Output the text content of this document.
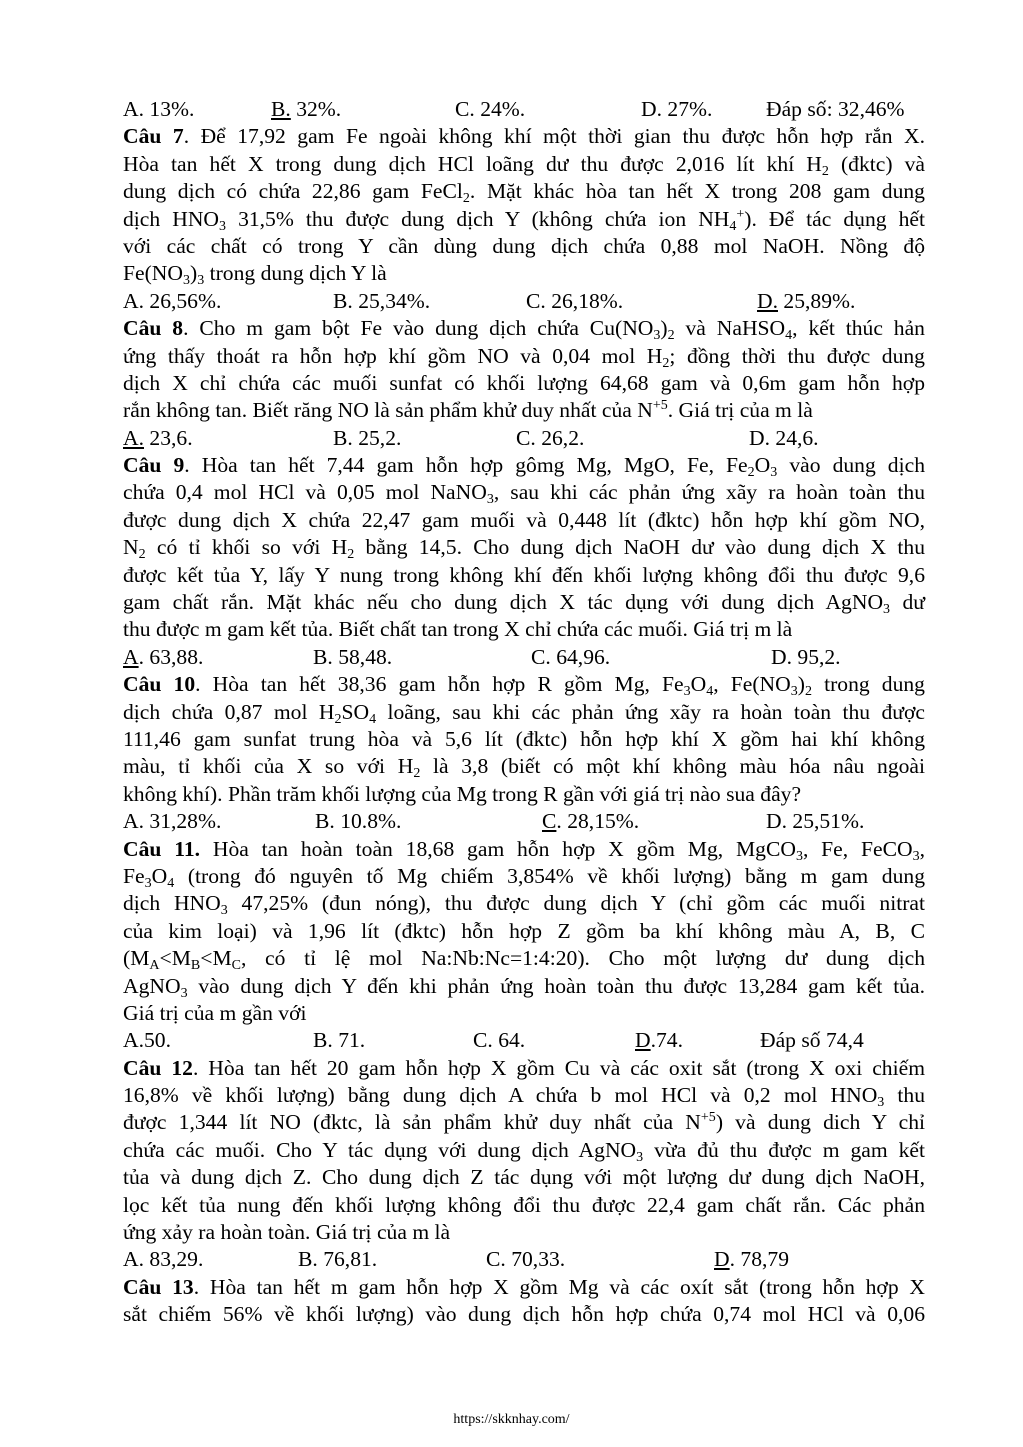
A. 13%.	B. 32%.	C. 24%.	D. 27%. Đáp số: 32,46%
Câu 7. Để 17,92 gam Fe ngoài không khí một thời gian thu được hỗn hợp rắn X.
Hòa tan hết X trong dung dịch HCl loãng dư thu được 2,016 lít khí $H_2$ (đktc) và
dung dịch có chứa 22,86 gam FeCl$_2$. Mặt khác hòa tan hết X trong 208 gam dung
dịch $HNO_3$ 31,5% thu được dung dịch Y (không chứa ion $NH_4^+$). Để tác dụng hết
với các chất có trong Y cần dùng dung dịch chứa 0,88 mol NaOH. Nồng độ
$Fe(NO_3)_3$ trong dung dịch Y là
A. 26,56%.	B. 25,34%.	C. 26,18%.	D. 25,89%.
Câu 8. Cho m gam bột Fe vào dung dịch chứa $Cu(NO_3)_2$ và NaHSO$_4$, kết thúc hản
ứng thấy thoát ra hỗn hợp khí gồm NO và 0,04 mol $H_2$; đồng thời thu được dung
dịch X chỉ chứa các muối sunfat có khối lượng 64,68 gam và 0,6m gam hỗn hợp
rắn không tan. Biết răng NO là sản phẩm khử duy nhất của $N^{+5}$. Giá trị của m là
A. 23,6.	B. 25,2.	C. 26,2.	D. 24,6.
Câu 9. Hòa tan hết 7,44 gam hỗn hợp gômg Mg, MgO, Fe, $Fe_2O_3$ vào dung dịch
chứa 0,4 mol HCl và 0,05 mol NaNO$_3$, sau khi các phản ứng xãy ra hoàn toàn thu
được dung dịch X chứa 22,47 gam muối và 0,448 lít (đktc) hỗn hợp khí gồm NO,
$N_2$ có tỉ khối so với $H_2$ bằng 14,5. Cho dung dịch NaOH dư vào dung dịch X thu
được kết tủa Y, lấy Y nung trong không khí đến khối lượng không đổi thu được 9,6
gam chất rắn. Mặt khác nếu cho dung dịch X tác dụng với dung dịch AgNO$_3$ dư
thu được m gam kết tủa. Biết chất tan trong X chỉ chứa các muối. Giá trị m là
A. 63,88.	B. 58,48.	C. 64,96.	D. 95,2.
Câu 10. Hòa tan hết 38,36 gam hỗn hợp R gồm Mg, $Fe_3O_4$, $Fe(NO_3)_2$ trong dung
dịch chứa 0,87 mol $H_2SO_4$ loãng, sau khi các phản ứng xãy ra hoàn toàn thu được
111,46 gam sunfat trung hòa và 5,6 lít (đktc) hỗn hợp khí X gồm hai khí không
màu, tỉ khối của X so với $H_2$ là 3,8 (biết có một khí không màu hóa nâu ngoài
không khí). Phần trăm khối lượng của Mg trong R gần với giá trị nào sua đây?
A. 31,28%.	B. 10.8%.	C. 28,15%.	D. 25,51%.
Câu 11. Hòa tan hoàn toàn 18,68 gam hỗn hợp X gồm Mg, MgCO$_3$, Fe, FeCO$_3$,
$Fe_3O_4$ (trong đó nguyên tố Mg chiếm 3,854% về khối lượng) bằng m gam dung
dịch $HNO_3$ 47,25% (đun nóng), thu được dung dịch Y (chỉ gồm các muối nitrat
của kim loại) và 1,96 lít (đktc) hỗn hợp Z gồm ba khí không màu A, B, C
($M_A<M_B<M_C$, có tỉ lệ mol Na:Nb:Nc=1:4:20). Cho một lượng dư dung dịch
AgNO$_3$ vào dung dịch Y đến khi phản ứng hoàn toàn thu được 13,284 gam kết tủa.
Giá trị của m gần với
A.50.	B. 71.	C. 64.	D.74.	Đáp số 74,4
Câu 12. Hòa tan hết 20 gam hỗn hợp X gồm Cu và các oxit sắt (trong X oxi chiếm
16,8% về khối lượng) bằng dung dịch A chứa b mol HCl và 0,2 mol $HNO_3$ thu
được 1,344 lít NO (đktc, là sản phẩm khử duy nhất của $N^{+5}$) và dung dich Y chỉ
chứa các muối. Cho Y tác dụng với dung dịch AgNO$_3$ vừa đủ thu được m gam kết
tủa và dung dịch Z. Cho dung dịch Z tác dụng với một lượng dư dung dịch NaOH,
lọc kết tủa nung đến khối lượng không đổi thu được 22,4 gam chất rắn. Các phản
ứng xảy ra hoàn toàn. Giá trị của m là
A. 83,29.	B. 76,81.	C. 70,33.	D. 78,79
Câu 13. Hòa tan hết m gam hỗn hợp X gồm Mg và các oxít sắt (trong hỗn hợp X
sắt chiếm 56% về khối lượng) vào dung dịch hỗn hợp chứa 0,74 mol HCl và 0,06
https://skknhay.com/
